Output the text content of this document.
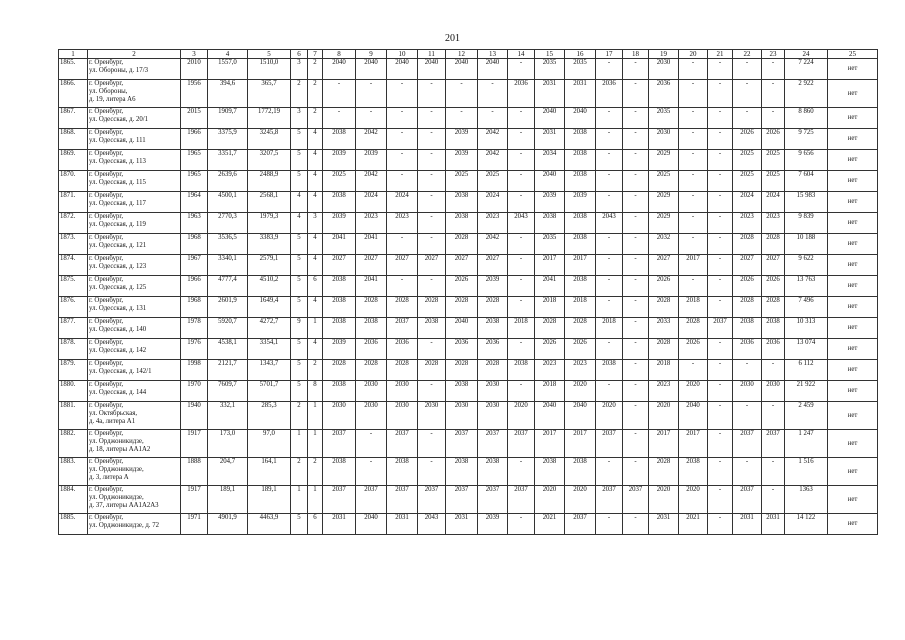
201
1	2	3	4	5	6	7	8	9	10	11	12	13	14	15	16	17	18	19	20	21	22	23	24	25
1865.	г. Оренбург,
ул. Обороны, д. 17/3	2010	1557,0	1510,0	3	2	2040	2040	2040	2040	2040	2040	-	2035	2035	-	-	2030	-	-	-	-	7 224	нет
1866.	г. Оренбург,
ул. Обороны,
д. 19, литера А6	1956	394,6	365,7	2	2	-	-	-	-	-	-	2036	2031	2031	2036	-	2036	-	-	-	-	2 922	нет
1867.	г. Оренбург,
ул. Одесская, д. 20/1	2015	1909,7	1772,19	3	2	-	-	-	-	-	-	-	2040	2040	-	-	2035	-	-	-	-	8 860	нет
1868.	г. Оренбург,
ул. Одесская, д. 111	1966	3375,9	3245,8	5	4	2038	2042	-	-	2039	2042	-	2031	2038	-	-	2030	-	-	2026	2026	9 725	нет
1869.	г. Оренбург,
ул. Одесская, д. 113	1965	3351,7	3207,5	5	4	2039	2039	-	-	2039	2042	-	2034	2038	-	-	2029	-	-	2025	2025	9 656	нет
1870.	г. Оренбург,
ул. Одесская, д. 115	1965	2639,6	2488,9	5	4	2025	2042	-	-	2025	2025	-	2040	2038	-	-	2025	-	-	2025	2025	7 604	нет
1871.	г. Оренбург,
ул. Одесская, д. 117	1964	4500,1	2568,1	4	4	2038	2024	2024	-	2038	2024	-	2039	2039	-	-	2029	-	-	2024	2024	15 983	нет
1872.	г. Оренбург,
ул. Одесская, д. 119	1963	2770,3	1979,3	4	3	2039	2023	2023	-	2038	2023	2043	2038	2038	2043	-	2029	-	-	2023	2023	9 839	нет
1873.	г. Оренбург,
ул. Одесская, д. 121	1968	3536,5	3383,9	5	4	2041	2041	-	-	2028	2042	-	2035	2038	-	-	2032	-	-	2028	2028	10 188	нет
1874.	г. Оренбург,
ул. Одесская, д. 123	1967	3340,1	2579,1	5	4	2027	2027	2027	2027	2027	2027	-	2017	2017	-	-	2027	2017	-	2027	2027	9 622	нет
1875.	г. Оренбург,
ул. Одесская, д. 125	1966	4777,4	4510,2	5	6	2038	2041	-	-	2026	2039	-	2041	2038	-	-	2026	-	-	2026	2026	13 763	нет
1876.	г. Оренбург,
ул. Одесская, д. 131	1968	2601,9	1649,4	5	4	2038	2028	2028	2028	2028	2028	-	2018	2018	-	-	2028	2018	-	2028	2028	7 496	нет
1877.	г. Оренбург,
ул. Одесская, д. 140	1978	5920,7	4272,7	9	1	2038	2038	2037	2038	2040	2038	2018	2028	2028	2018	-	2033	2028	2037	2038	2038	10 313	нет
1878.	г. Оренбург,
ул. Одесская, д. 142	1976	4538,1	3354,1	5	4	2039	2036	2036	-	2036	2036	-	2026	2026	-	-	2028	2026	-	2036	2036	13 074	нет
1879.	г. Оренбург,
ул. Одесская, д. 142/1	1998	2121,7	1343,7	5	2	2028	2028	2028	2028	2028	2028	2038	2023	2023	2038	-	2018	-	-	-	-	6 112	нет
1880.	г. Оренбург,
ул. Одесская, д. 144	1970	7609,7	5701,7	5	8	2038	2030	2030	-	2038	2030	-	2018	2020	-	-	2023	2020	-	2030	2030	21 922	нет
1881.	г. Оренбург,
ул. Октябрьская,
д. 4а, литера А1	1940	332,1	285,3	2	1	2030	2030	2030	2030	2030	2030	2020	2040	2040	2020	-	2020	2040	-	-	-	2 459	нет
1882.	г. Оренбург,
ул. Орджоникидзе,
д. 18, литеры АА1А2	1917	173,0	97,0	1	1	2037	-	2037	-	2037	2037	2037	2017	2017	2037	-	2017	2017	-	2037	2037	1 247	нет
1883.	г. Оренбург,
ул. Орджоникидзе,
д. 3, литера А	1888	204,7	164,1	2	2	2038	-	2038	-	2038	2038	-	2038	2038	-	-	2028	2038	-	-	-	1 516	нет
1884.	г. Оренбург,
ул. Орджоникидзе,
д. 37, литеры АА1А2А3	1917	189,1	189,1	1	1	2037	2037	2037	2037	2037	2037	2037	2020	2020	2037	2037	2020	2020	-	2037	-	1363	нет
1885.	г. Оренбург,
ул. Орджоникидзе, д. 72	1971	4901,9	4463,9	5	6	2031	2040	2031	2043	2031	2039	-	2021	2037	-	-	2031	2021	-	2031	2031	14 122	нет
